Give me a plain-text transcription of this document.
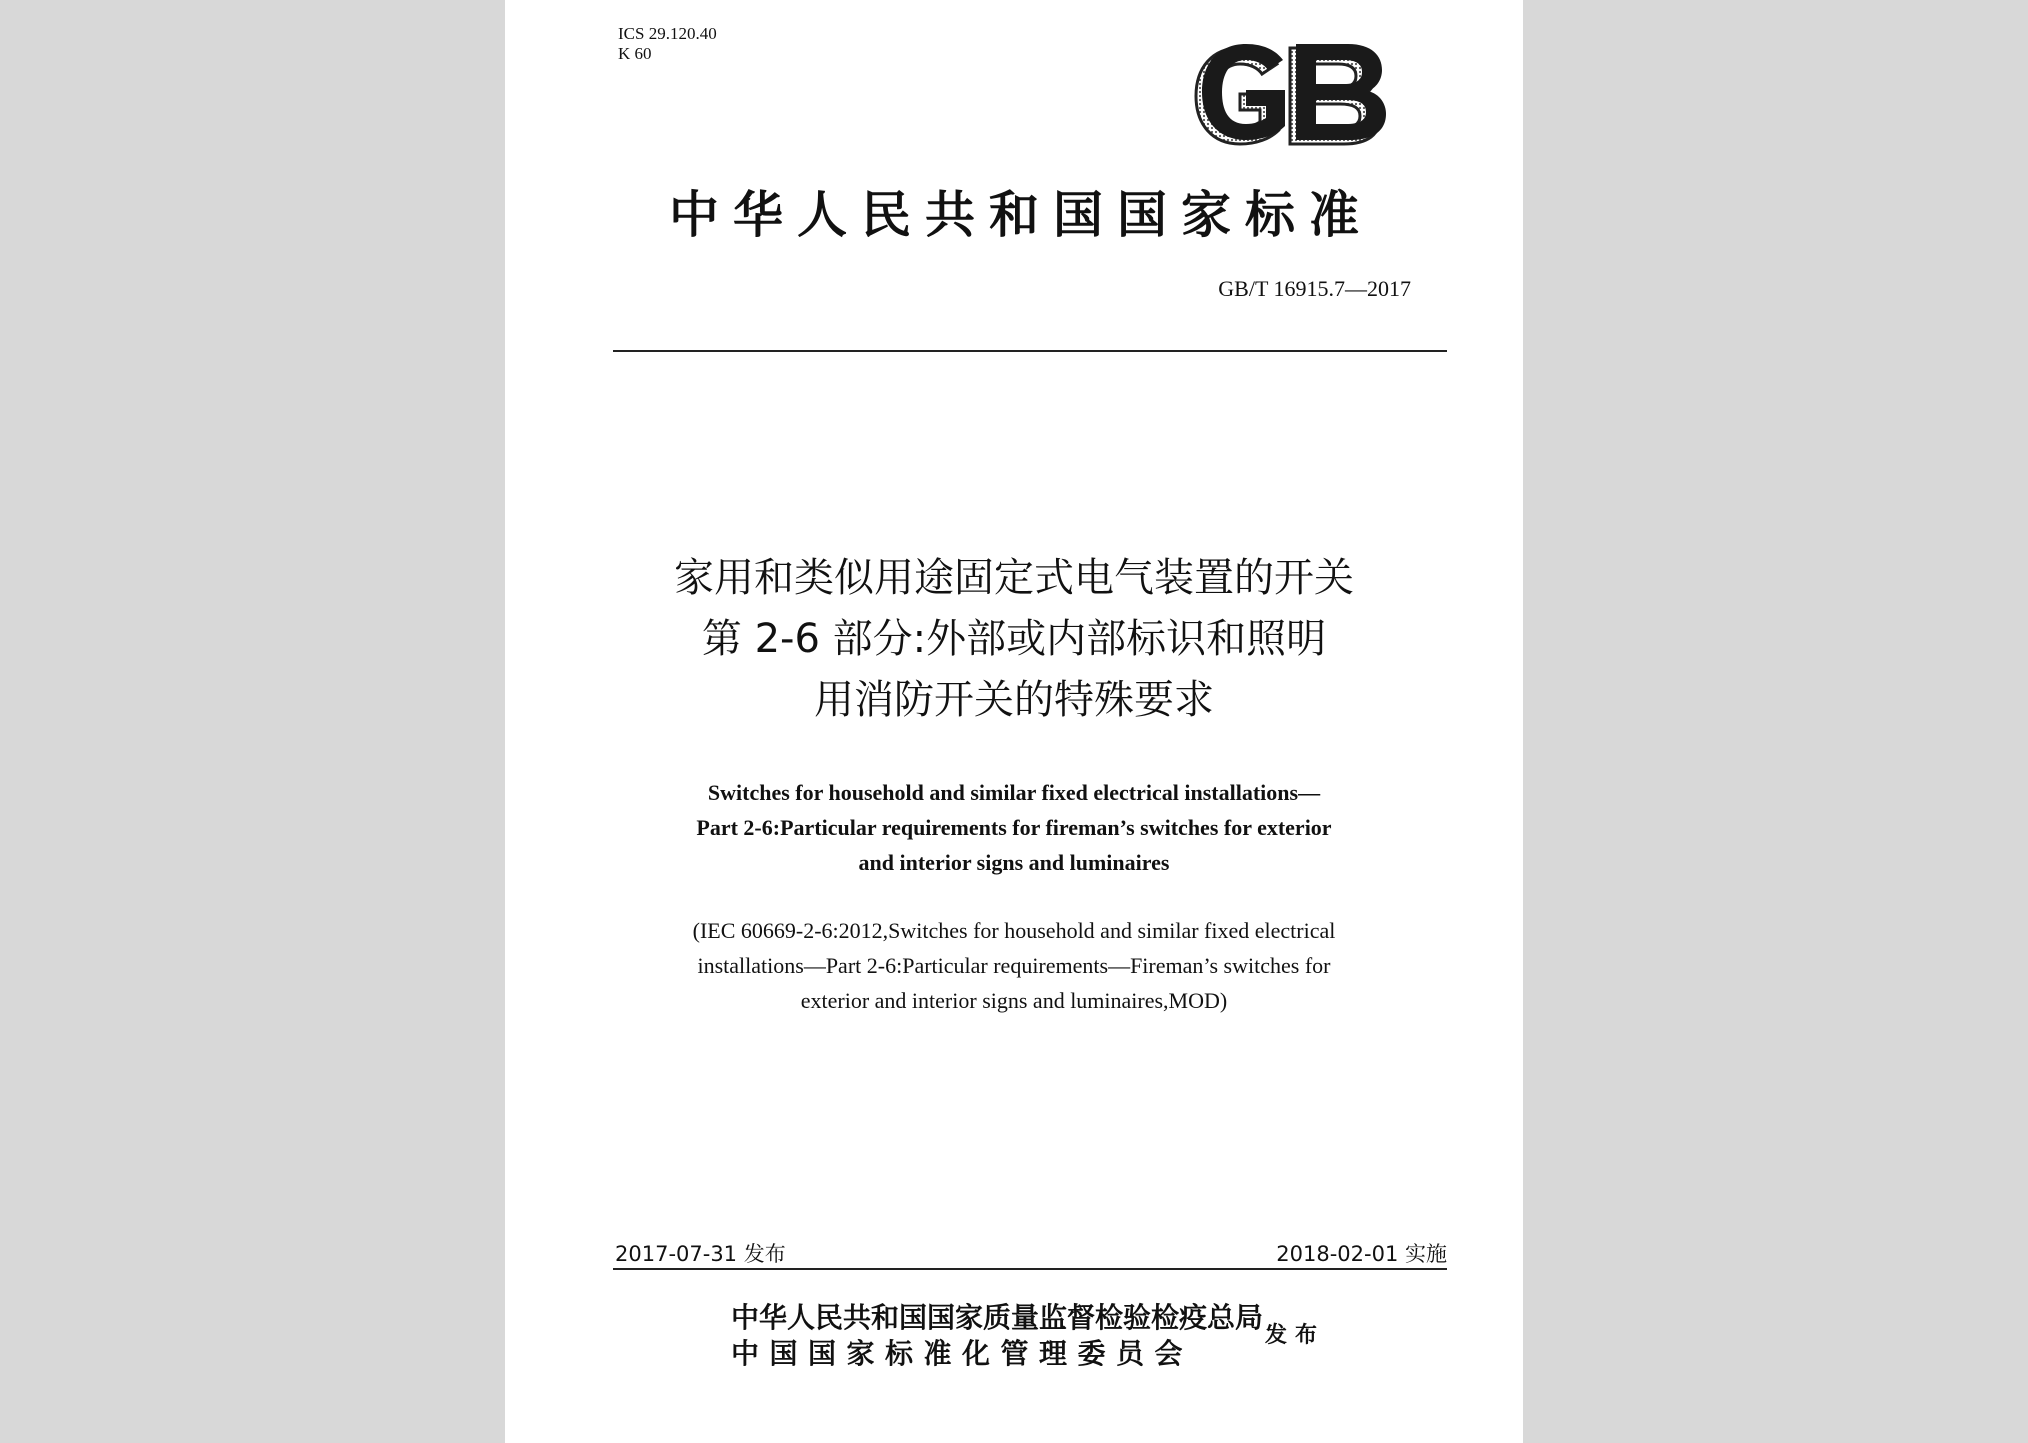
ICS 29.120.40
K 60
中华人民共和国国家标准
GB/T 16915.7—2017
家用和类似用途固定式电气装置的开关
第 2-6 部分:外部或内部标识和照明
用消防开关的特殊要求
Switches for household and similar fixed electrical installations—
Part 2-6:Particular requirements for fireman’s switches for exterior
and interior signs and luminaires
(IEC 60669-2-6:2012,Switches for household and similar fixed electrical
installations—Part 2-6:Particular requirements—Fireman’s switches for
exterior and interior signs and luminaires,MOD)
2017-07-31 发布	2018-02-01 实施
中华人民共和国国家质量监督检验检疫总局
中国国家标准化管理委员会
发布
